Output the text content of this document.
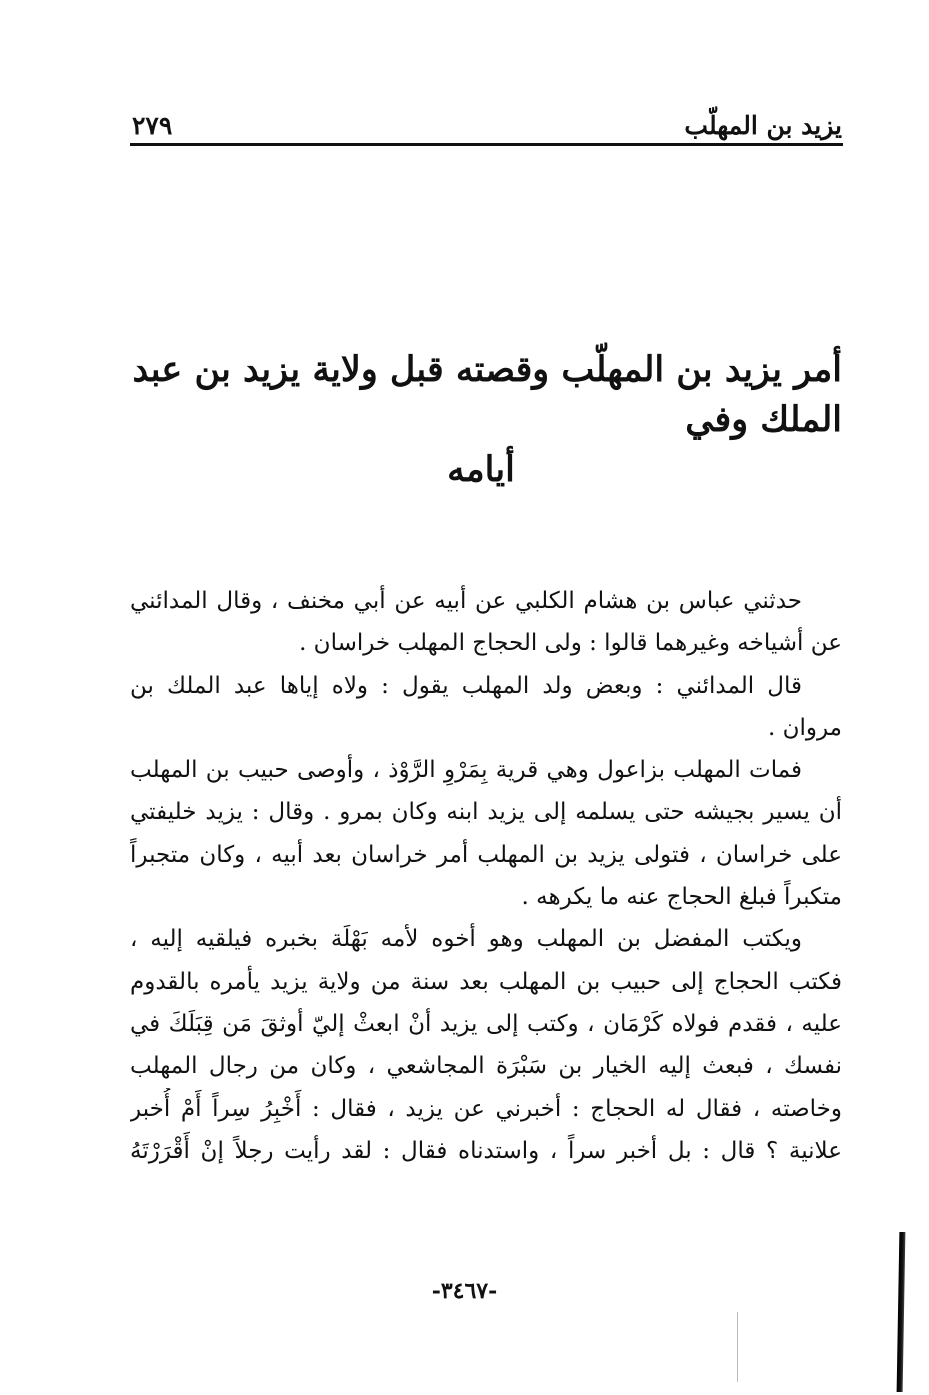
يزيد بن المهلّب
٢٧٩
أمر يزيد بن المهلّب وقصته قبل ولاية يزيد بن عبد الملك وفي
أيامه
حدثني عباس بن هشام الكلبي عن أبيه عن أبي مخنف ، وقال المدائني
عن أشياخه وغيرهما قالوا : ولى الحجاج المهلب خراسان .
قال المدائني : وبعض ولد المهلب يقول : ولاه إياها عبد الملك بن
مروان .
فمات المهلب بزاعول وهي قرية بِمَرْوِ الرَّوْذ ، وأوصى حبيب بن المهلب
أن يسير بجيشه حتى يسلمه إلى يزيد ابنه وكان بمرو . وقال : يزيد خليفتي
على خراسان ، فتولى يزيد بن المهلب أمر خراسان بعد أبيه ، وكان متجبراً
متكبراً فبلغ الحجاج عنه ما يكرهه .
ويكتب المفضل بن المهلب وهو أخوه لأمه بَهْلَة بخبره فيلقيه إليه ،
فكتب الحجاج إلى حبيب بن المهلب بعد سنة من ولاية يزيد يأمره بالقدوم
عليه ، فقدم فولاه كَرْمَان ، وكتب إلى يزيد أنْ ابعثْ إليّ أوثقَ مَن قِبَلَكَ في
نفسك ، فبعث إليه الخيار بن سَبْرَة المجاشعي ، وكان من رجال المهلب
وخاصته ، فقال له الحجاج : أخبرني عن يزيد ، فقال : أَخْبِرُ سِراً أَمْ أُخبر
علانية ؟ قال : بل أخبر سراً ، واستدناه فقال : لقد رأيت رجلاً إنْ أَقْرَرْتَهُ
-٣٤٦٧-
